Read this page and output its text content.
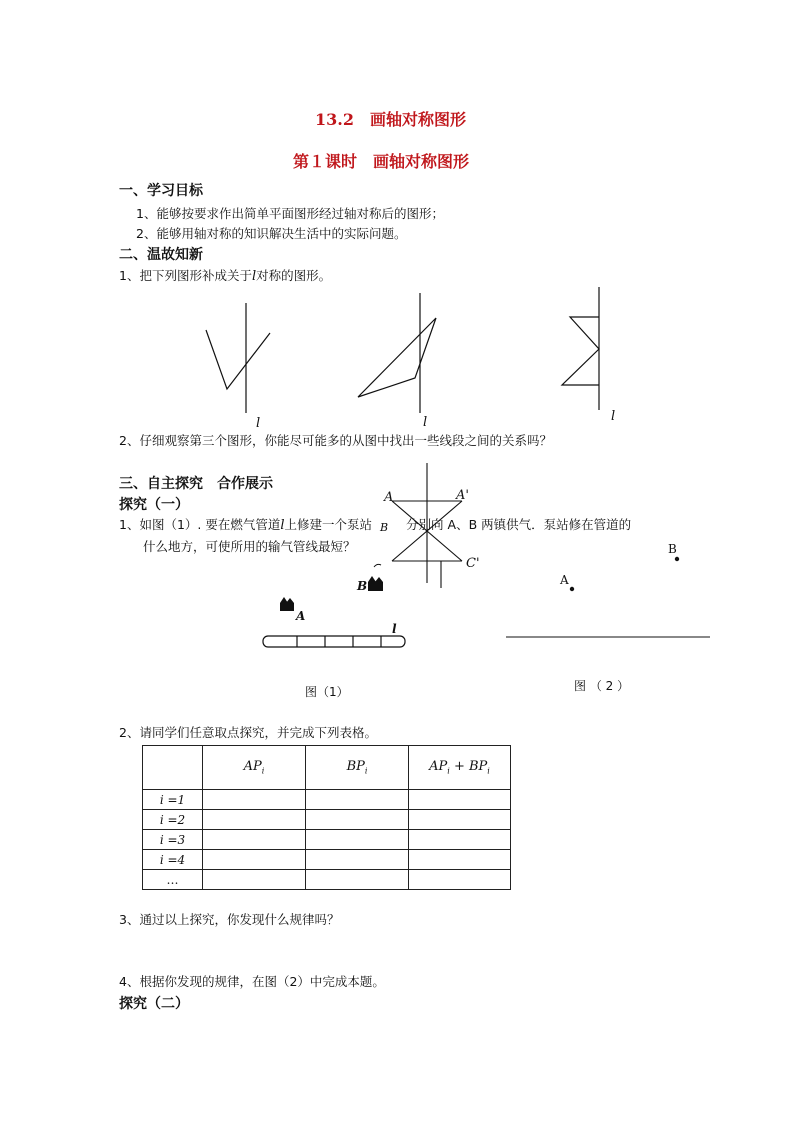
13.2　画轴对称图形
第１课时　画轴对称图形
一、学习目标
1、能够按要求作出简单平面图形经过轴对称后的图形；
2、能够用轴对称的知识解决生活中的实际问题。
二、温故知新
1、把下列图形补成关于l对称的图形。
l	l	l
2、仔细观察第三个图形，你能尽可能多的从图中找出一些线段之间的关系吗？
三、自主探究　合作展示
探究（一）
1、如图（1）. 要在燃气管道l上修建一个泵站	分别向 A、B 两镇供气．泵站修在管道的
什么地方，可使所用的输气管线最短？
A	A'
B
C'
A
B
l
A
B
图（1）	图 （ 2 ）
2、请同学们任意取点探究，并完成下列表格。
	$AP_i$	$BP_i$	$AP_i + BP_i$
i =1			
i =2			
i =3			
i =4			
…			
3、通过以上探究，你发现什么规律吗？
4、根据你发现的规律，在图（2）中完成本题。
探究（二）
